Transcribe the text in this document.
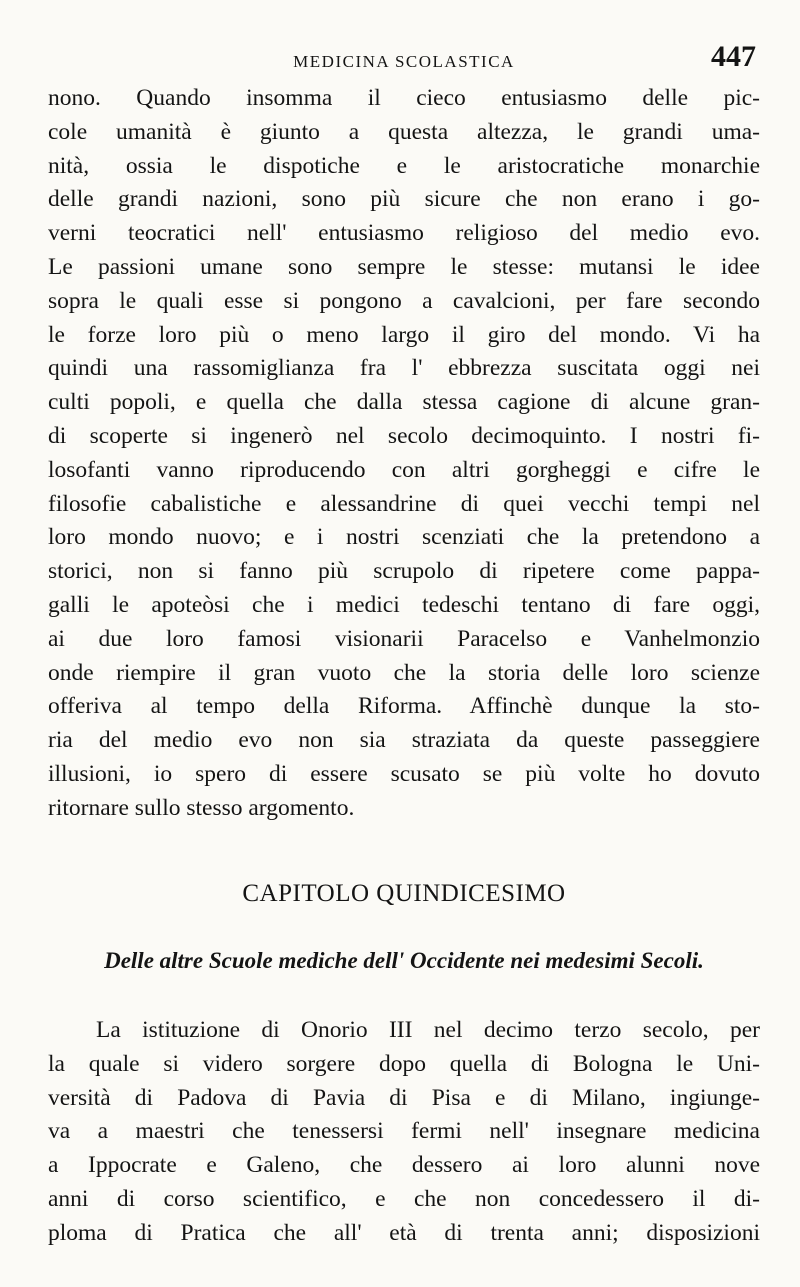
MEDICINA SCOLASTICA	447
nono. Quando insomma il cieco entusiasmo delle pic-
cole umanità è giunto a questa altezza, le grandi uma-
nità, ossia le dispotiche e le aristocratiche monarchie
delle grandi nazioni, sono più sicure che non erano i go-
verni teocratici nell' entusiasmo religioso del medio evo.
Le passioni umane sono sempre le stesse: mutansi le idee
sopra le quali esse si pongono a cavalcioni, per fare secondo
le forze loro più o meno largo il giro del mondo. Vi ha
quindi una rassomiglianza fra l' ebbrezza suscitata oggi nei
culti popoli, e quella che dalla stessa cagione di alcune gran-
di scoperte si ingenerò nel secolo decimoquinto. I nostri fi-
losofanti vanno riproducendo con altri gorgheggi e cifre le
filosofie cabalistiche e alessandrine di quei vecchi tempi nel
loro mondo nuovo; e i nostri scenziati che la pretendono a
storici, non si fanno più scrupolo di ripetere come pappa-
galli le apoteòsi che i medici tedeschi tentano di fare oggi,
ai due loro famosi visionarii Paracelso e Vanhelmonzio
onde riempire il gran vuoto che la storia delle loro scienze
offeriva al tempo della Riforma. Affinchè dunque la sto-
ria del medio evo non sia straziata da queste passeggiere
illusioni, io spero di essere scusato se più volte ho dovuto
ritornare sullo stesso argomento.
CAPITOLO QUINDICESIMO
Delle altre Scuole mediche dell' Occidente nei medesimi Secoli.
La istituzione di Onorio III nel decimo terzo secolo, per
la quale si videro sorgere dopo quella di Bologna le Uni-
versità di Padova di Pavia di Pisa e di Milano, ingiunge-
va a maestri che tenessersi fermi nell' insegnare medicina
a Ippocrate e Galeno, che dessero ai loro alunni nove
anni di corso scientifico, e che non concedessero il di-
ploma di Pratica che all' età di trenta anni; disposizioni
